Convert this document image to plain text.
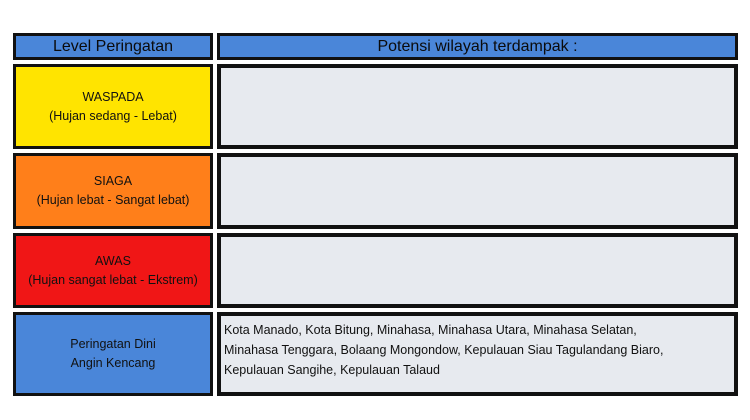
Level Peringatan	Potensi wilayah terdampak :
WASPADA
(Hujan sedang - Lebat)
SIAGA
(Hujan lebat - Sangat lebat)
AWAS
(Hujan sangat lebat - Ekstrem)
Peringatan Dini
Angin Kencang
Kota Manado, Kota Bitung, Minahasa, Minahasa Utara, Minahasa Selatan,
Minahasa Tenggara, Bolaang Mongondow, Kepulauan Siau Tagulandang Biaro,
Kepulauan Sangihe, Kepulauan Talaud
